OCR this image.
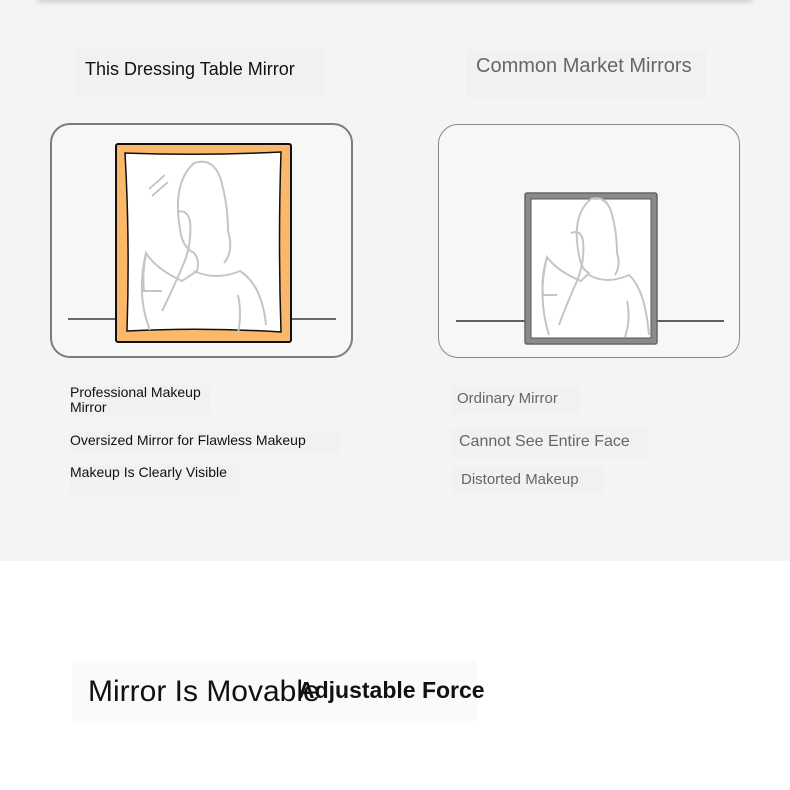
This Dressing Table Mirror
Professional Makeup Mirror
Oversized Mirror for Flawless Makeup
Makeup Is Clearly Visible
Common Market Mirrors
Ordinary Mirror
Cannot See Entire Face
Distorted Makeup
Mirror Is Movable
Adjustable Force
